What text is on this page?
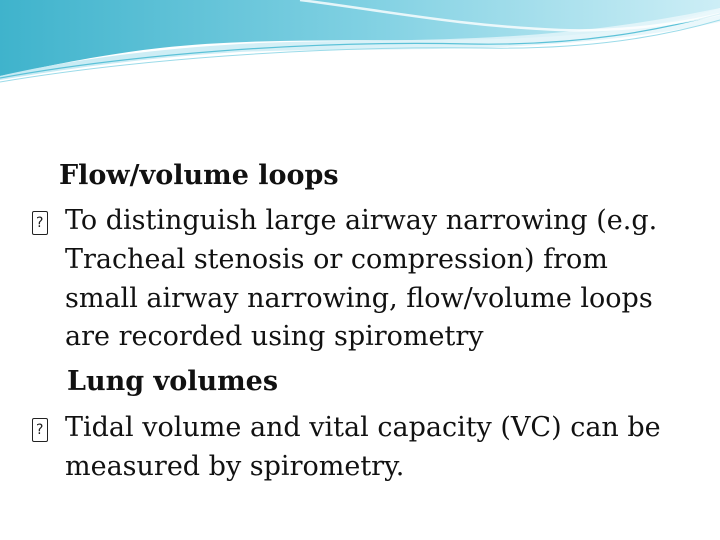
Flow/volume loops

?

To distinguish large airway narrowing (e.g.

Tracheal stenosis or compression) from

small airway narrowing, flow/volume loops

are recorded using spirometry

Lung volumes

?

Tidal volume and vital capacity (VC) can be

measured by spirometry.
